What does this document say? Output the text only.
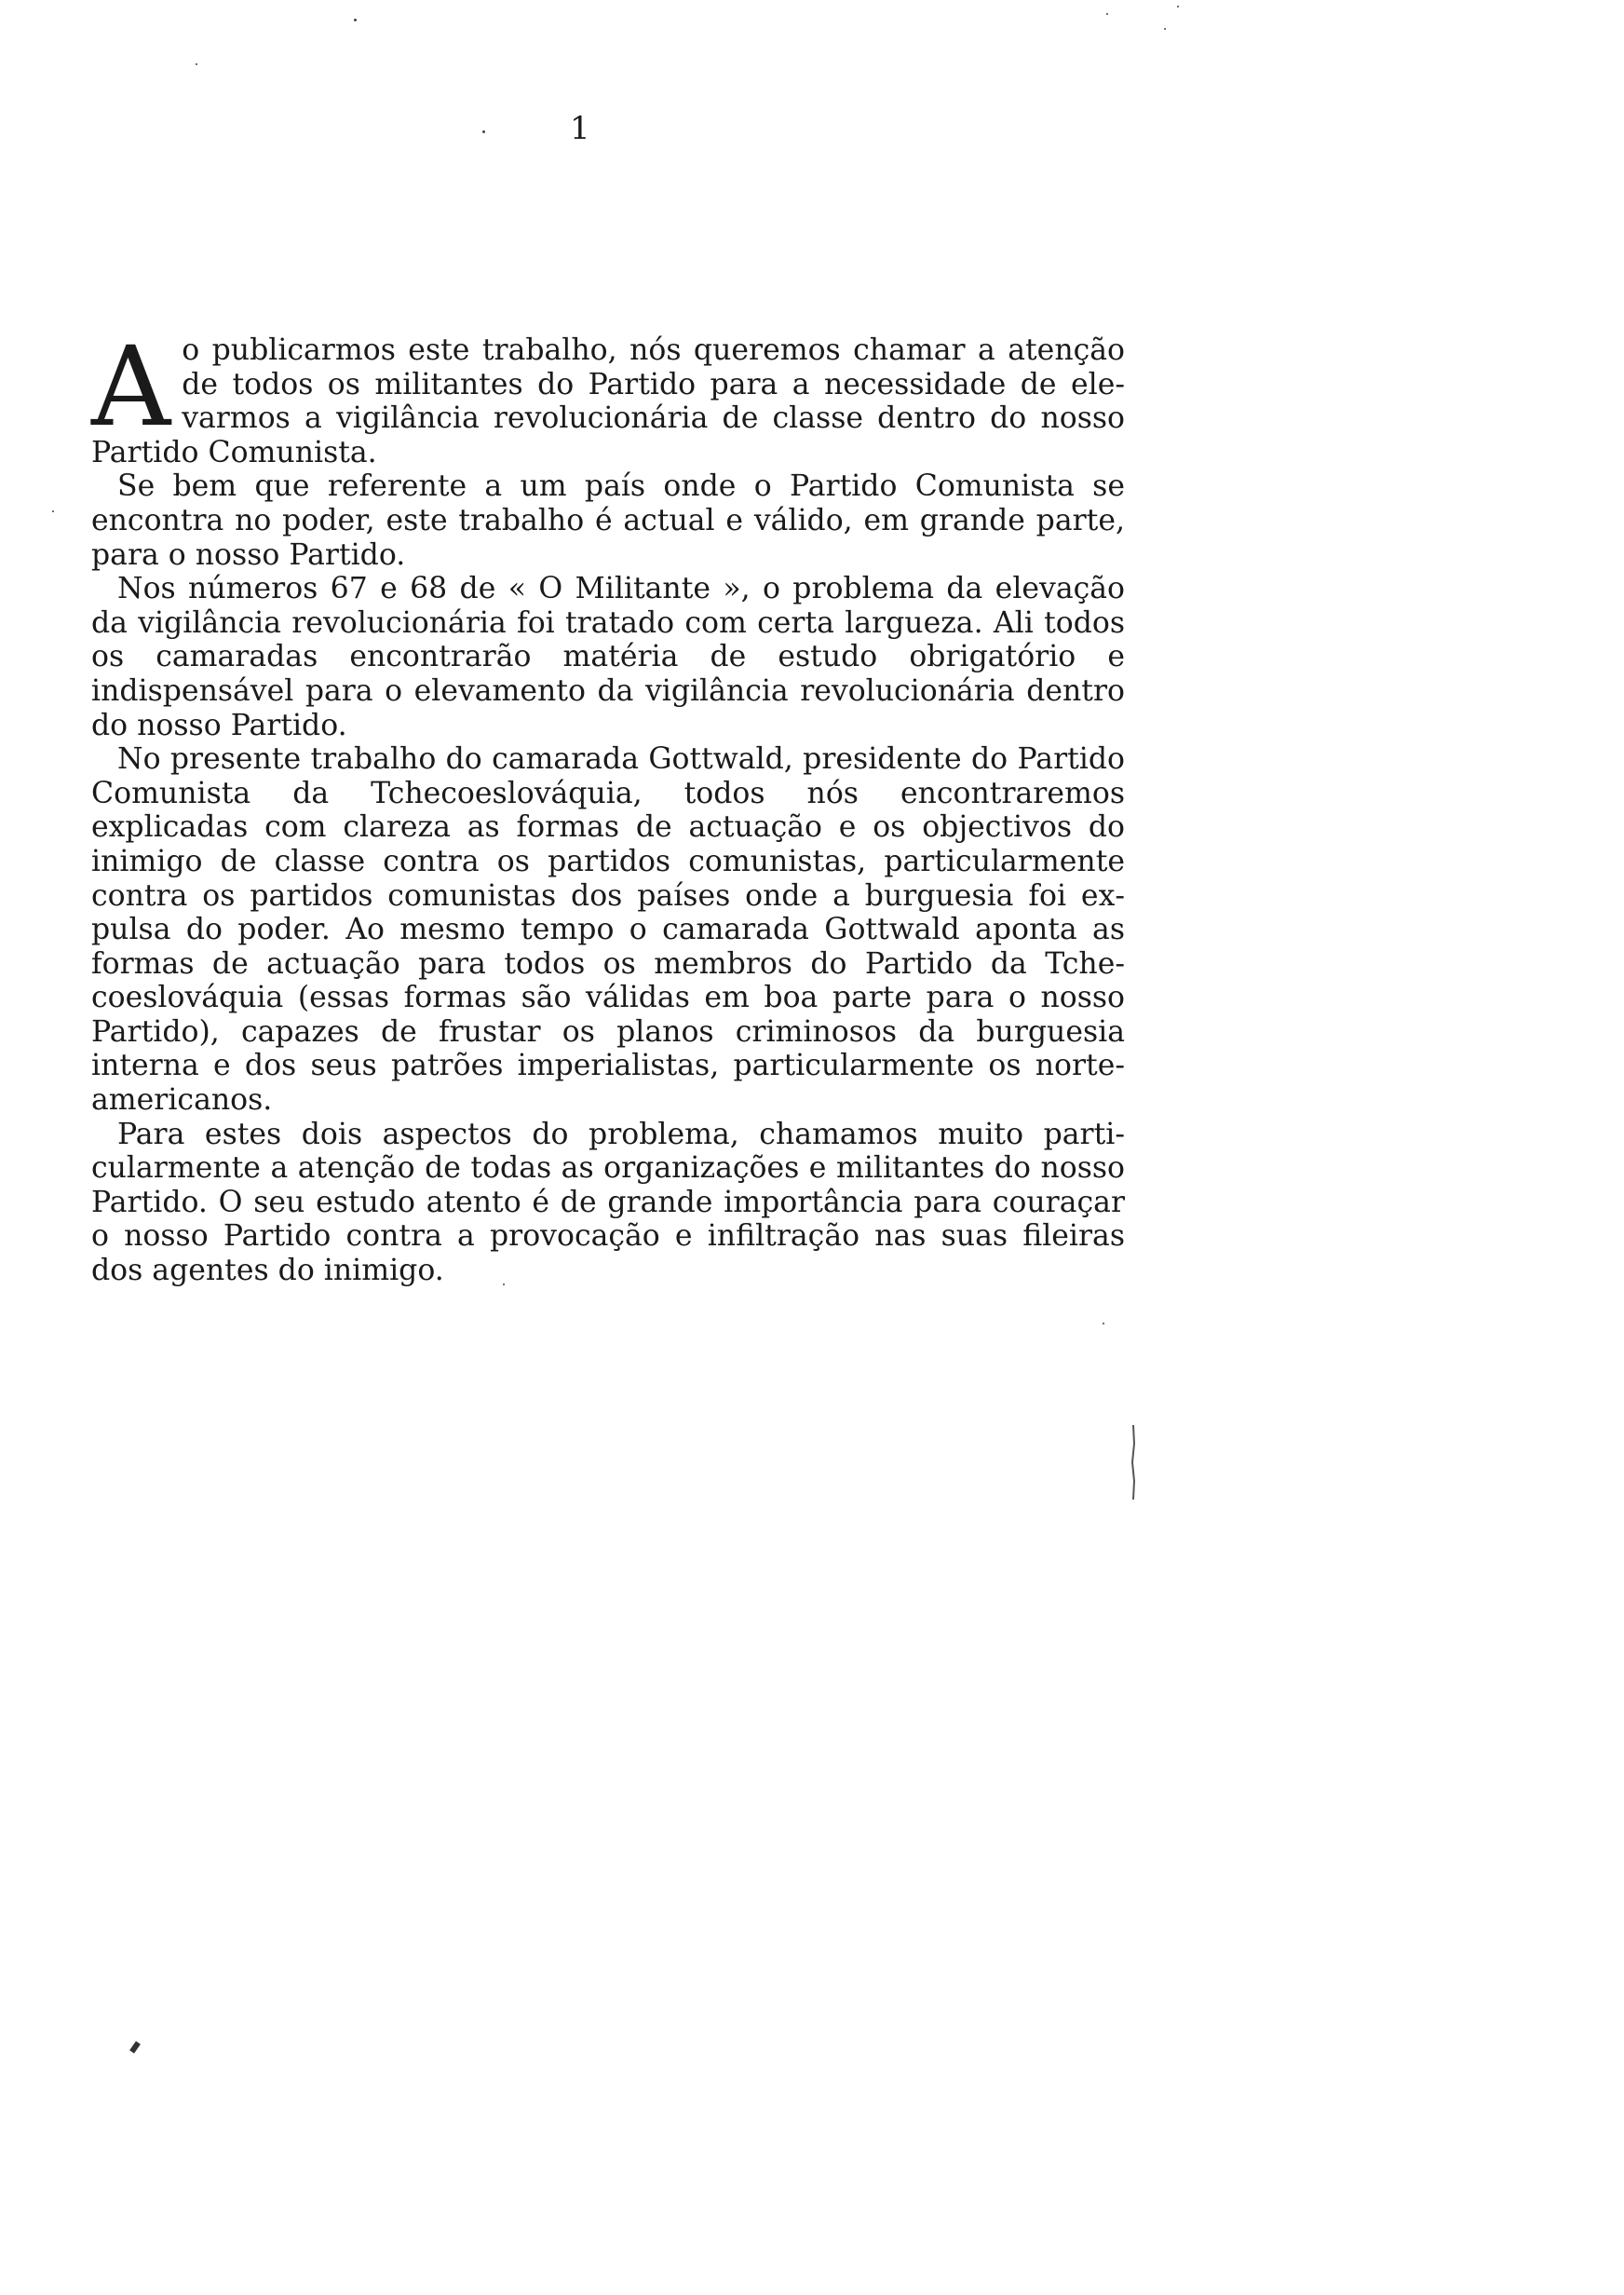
1

A o publicarmos este trabalho, nós queremos chamar a atenção de todos os militantes do Partido para a necessidade de elevarmos a vigilância revolucionária de classe dentro do nosso Partido Comunista.

Se bem que referente a um país onde o Partido Comunista se encontra no poder, este trabalho é actual e válido, em grande parte, para o nosso Partido.

Nos números 67 e 68 de « O Militante », o problema da elevação da vigilância revolucionária foi tratado com certa largueza. Ali todos os camaradas encontrarão matéria de estudo obrigatório e indispensável para o elevamento da vigilância revolucionária dentro do nosso Partido.

No presente trabalho do camarada Gottwald, presidente do Partido Comunista da Tchecoeslováquia, todos nós encontraremos explicadas com clareza as formas de actuação e os objectivos do inimigo de classe contra os partidos comunistas, particularmente contra os partidos comunistas dos países onde a burguesia foi expulsa do poder. Ao mesmo tempo o camarada Gottwald aponta as formas de actuação para todos os membros do Partido da Tchecoeslováquia (essas formas são válidas em boa parte para o nosso Partido), capazes de frustar os planos criminosos da burguesia interna e dos seus patrões imperialistas, particularmente os norte-americanos.

Para estes dois aspectos do problema, chamamos muito particularmente a atenção de todas as organizações e militantes do nosso Partido. O seu estudo atento é de grande importância para couraçar o nosso Partido contra a provocação e infiltração nas suas fileiras dos agentes do inimigo.
